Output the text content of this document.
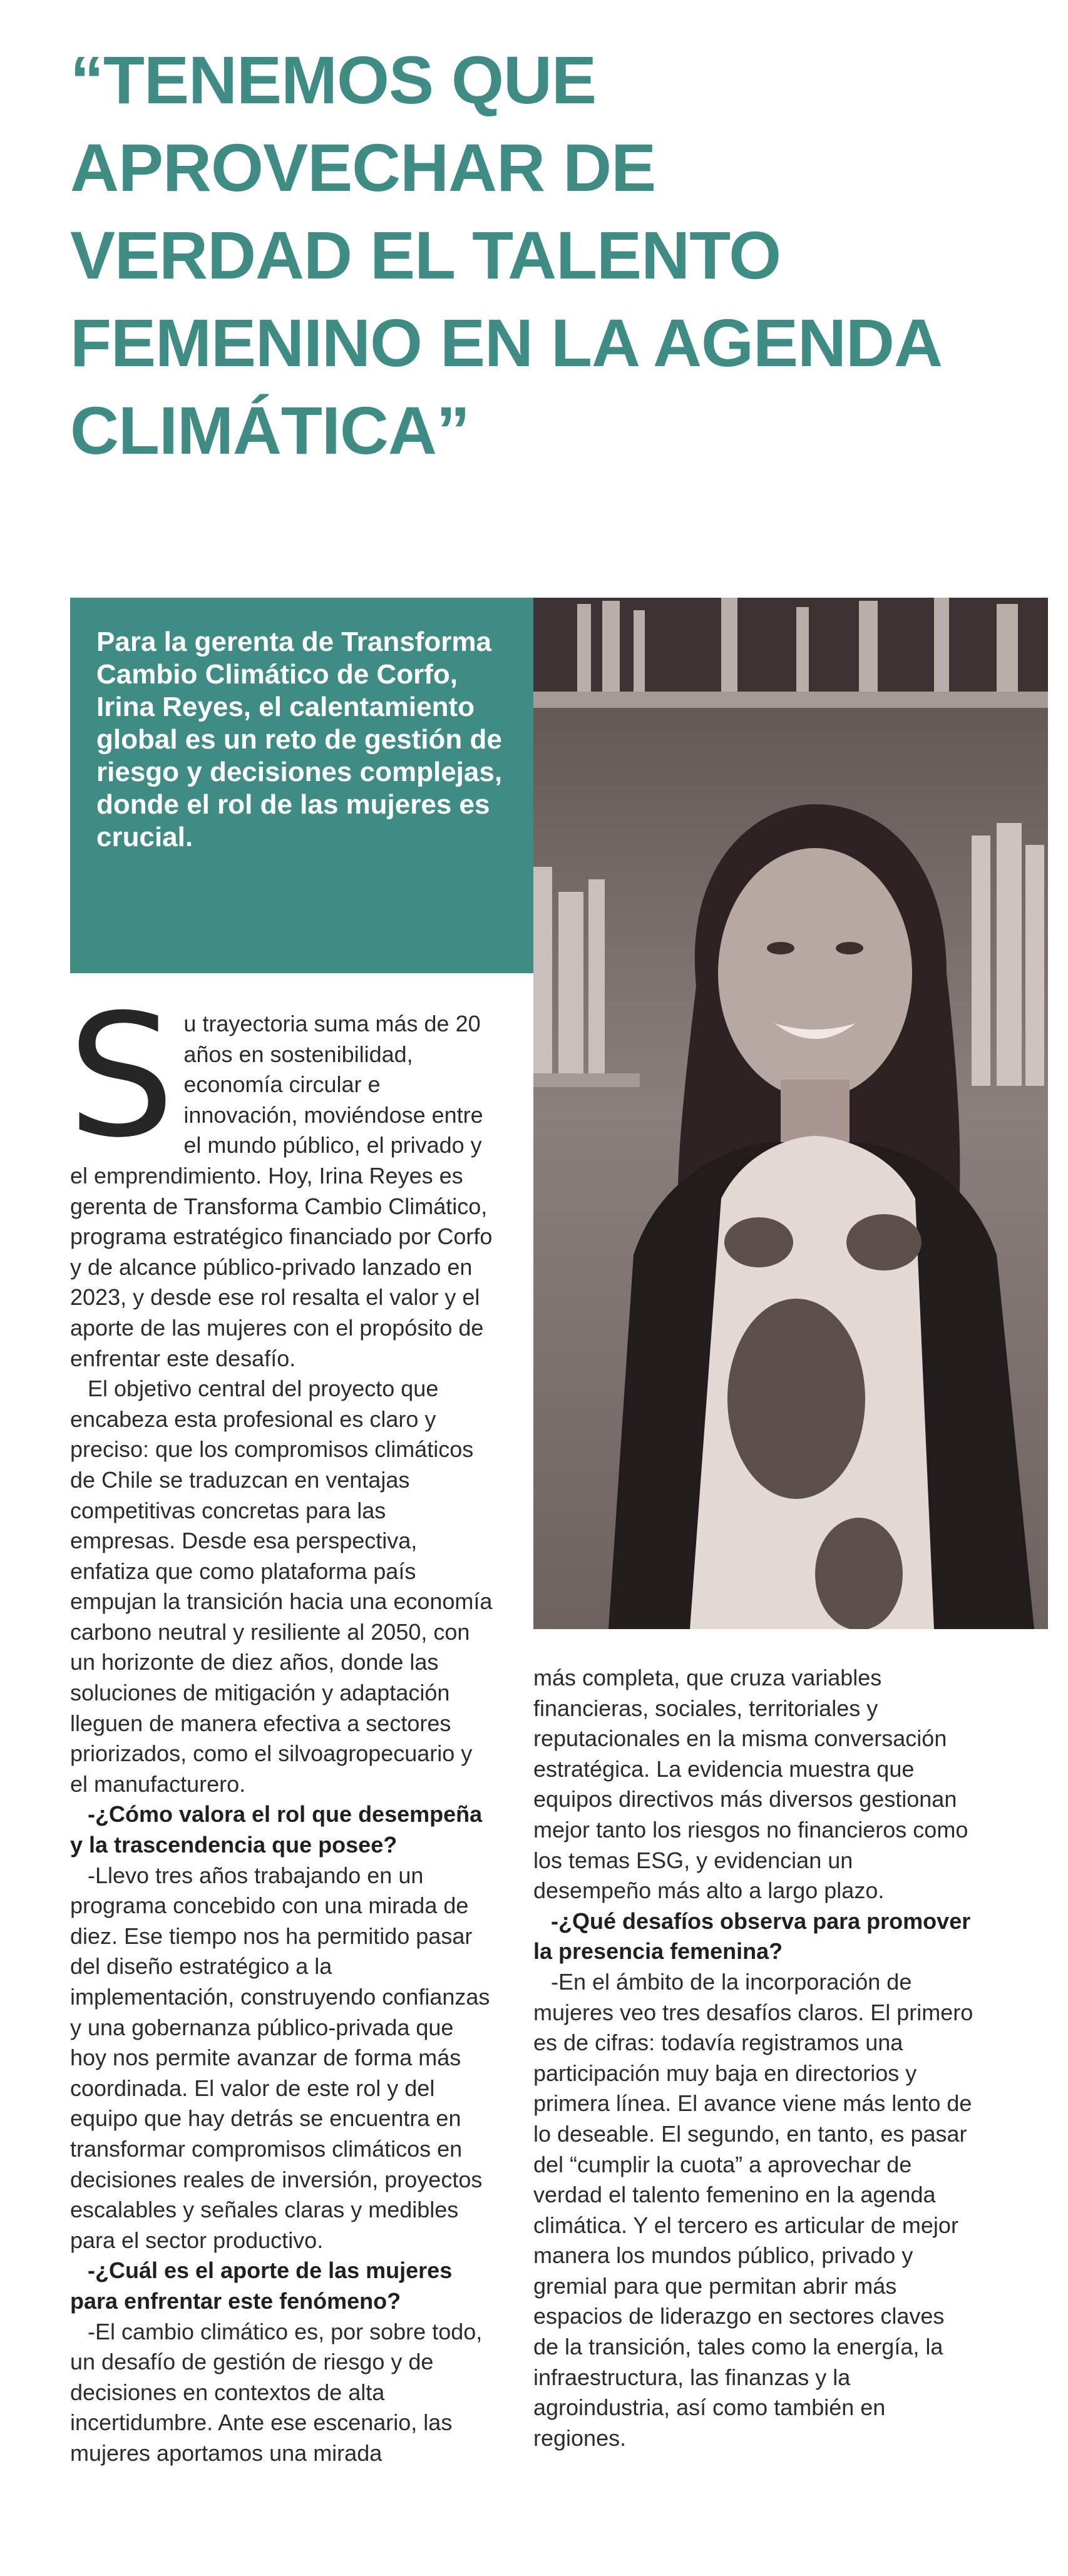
“TENEMOS QUE
APROVECHAR DE
VERDAD EL TALENTO
FEMENINO EN LA AGENDA
CLIMÁTICA”

Para la gerenta de Transforma Cambio Climático de Corfo, Irina Reyes, el calentamiento global es un reto de gestión de riesgo y decisiones complejas, donde el rol de las mujeres es crucial.

Su trayectoria suma más de 20 años en sostenibilidad, economía circular e innovación, moviéndose entre el mundo público, el privado y el emprendimiento. Hoy, Irina Reyes es gerenta de Transforma Cambio Climático, programa estratégico financiado por Corfo y de alcance público-privado lanzado en 2023, y desde ese rol resalta el valor y el aporte de las mujeres con el propósito de enfrentar este desafío.

El objetivo central del proyecto que encabeza esta profesional es claro y preciso: que los compromisos climáticos de Chile se traduzcan en ventajas competitivas concretas para las empresas. Desde esa perspectiva, enfatiza que como plataforma país empujan la transición hacia una economía carbono neutral y resiliente al 2050, con un horizonte de diez años, donde las soluciones de mitigación y adaptación lleguen de manera efectiva a sectores priorizados, como el silvoagropecuario y el manufacturero.

-¿Cómo valora el rol que desempeña y la trascendencia que posee?

-Llevo tres años trabajando en un programa concebido con una mirada de diez. Ese tiempo nos ha permitido pasar del diseño estratégico a la implementación, construyendo confianzas y una gobernanza público-privada que hoy nos permite avanzar de forma más coordinada. El valor de este rol y del equipo que hay detrás se encuentra en transformar compromisos climáticos en decisiones reales de inversión, proyectos escalables y señales claras y medibles para el sector productivo.

-¿Cuál es el aporte de las mujeres para enfrentar este fenómeno?

-El cambio climático es, por sobre todo, un desafío de gestión de riesgo y de decisiones en contextos de alta incertidumbre. Ante ese escenario, las mujeres aportamos una mirada

más completa, que cruza variables financieras, sociales, territoriales y reputacionales en la misma conversación estratégica. La evidencia muestra que equipos directivos más diversos gestionan mejor tanto los riesgos no financieros como los temas ESG, y evidencian un desempeño más alto a largo plazo.

-¿Qué desafíos observa para promover la presencia femenina?

-En el ámbito de la incorporación de mujeres veo tres desafíos claros. El primero es de cifras: todavía registramos una participación muy baja en directorios y primera línea. El avance viene más lento de lo deseable. El segundo, en tanto, es pasar del “cumplir la cuota” a aprovechar de verdad el talento femenino en la agenda climática. Y el tercero es articular de mejor manera los mundos público, privado y gremial para que permitan abrir más espacios de liderazgo en sectores claves de la transición, tales como la energía, la infraestructura, las finanzas y la agroindustria, así como también en regiones.
